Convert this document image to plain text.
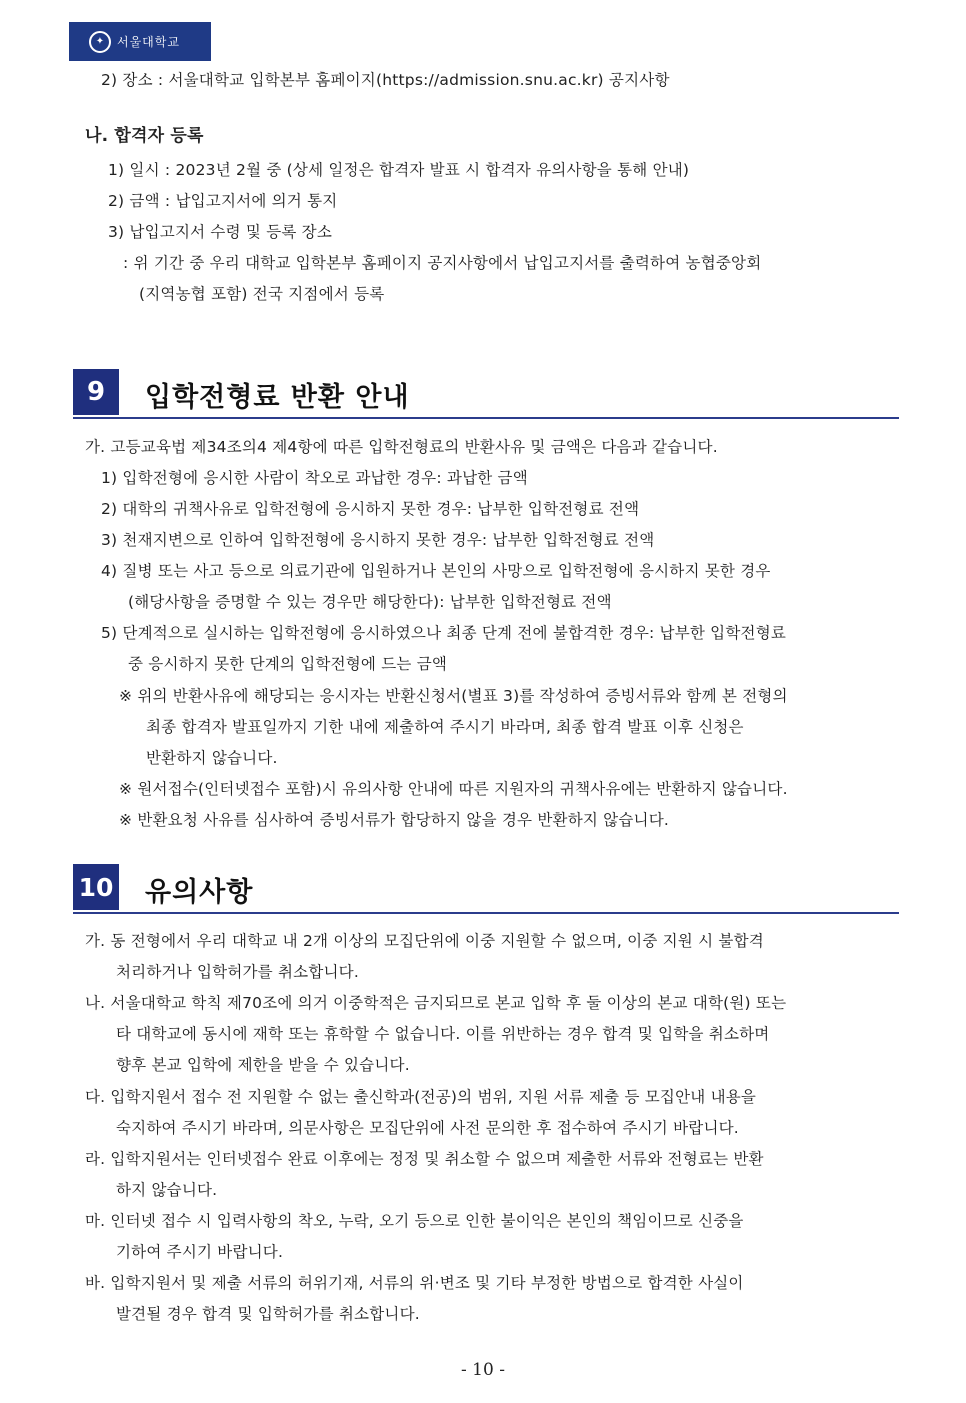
✦	서울대학교
2) 장소 : 서울대학교 입학본부 홈페이지(https://admission.snu.ac.kr) 공지사항
나. 합격자 등록
1) 일시 : 2023년 2월 중 (상세 일정은 합격자 발표 시 합격자 유의사항을 통해 안내)
2) 금액 : 납입고지서에 의거 통지
3) 납입고지서 수령 및 등록 장소
: 위 기간 중 우리 대학교 입학본부 홈페이지 공지사항에서 납입고지서를 출력하여 농협중앙회
(지역농협 포함) 전국 지점에서 등록
9	입학전형료 반환 안내
가. 고등교육법 제34조의4 제4항에 따른 입학전형료의 반환사유 및 금액은 다음과 같습니다.
1) 입학전형에 응시한 사람이 착오로 과납한 경우: 과납한 금액
2) 대학의 귀책사유로 입학전형에 응시하지 못한 경우: 납부한 입학전형료 전액
3) 천재지변으로 인하여 입학전형에 응시하지 못한 경우: 납부한 입학전형료 전액
4) 질병 또는 사고 등으로 의료기관에 입원하거나 본인의 사망으로 입학전형에 응시하지 못한 경우
(해당사항을 증명할 수 있는 경우만 해당한다): 납부한 입학전형료 전액
5) 단계적으로 실시하는 입학전형에 응시하였으나 최종 단계 전에 불합격한 경우: 납부한 입학전형료
중 응시하지 못한 단계의 입학전형에 드는 금액
※ 위의 반환사유에 해당되는 응시자는 반환신청서(별표 3)를 작성하여 증빙서류와 함께 본 전형의
최종 합격자 발표일까지 기한 내에 제출하여 주시기 바라며, 최종 합격 발표 이후 신청은
반환하지 않습니다.
※ 원서접수(인터넷접수 포함)시 유의사항 안내에 따른 지원자의 귀책사유에는 반환하지 않습니다.
※ 반환요청 사유를 심사하여 증빙서류가 합당하지 않을 경우 반환하지 않습니다.
10 유의사항
가. 동 전형에서 우리 대학교 내 2개 이상의 모집단위에 이중 지원할 수 없으며, 이중 지원 시 불합격
처리하거나 입학허가를 취소합니다.
나. 서울대학교 학칙 제70조에 의거 이중학적은 금지되므로 본교 입학 후 둘 이상의 본교 대학(원) 또는
타 대학교에 동시에 재학 또는 휴학할 수 없습니다. 이를 위반하는 경우 합격 및 입학을 취소하며
향후 본교 입학에 제한을 받을 수 있습니다.
다. 입학지원서 접수 전 지원할 수 없는 출신학과(전공)의 범위, 지원 서류 제출 등 모집안내 내용을
숙지하여 주시기 바라며, 의문사항은 모집단위에 사전 문의한 후 접수하여 주시기 바랍니다.
라. 입학지원서는 인터넷접수 완료 이후에는 정정 및 취소할 수 없으며 제출한 서류와 전형료는 반환
하지 않습니다.
마. 인터넷 접수 시 입력사항의 착오, 누락, 오기 등으로 인한 불이익은 본인의 책임이므로 신중을
기하여 주시기 바랍니다.
바. 입학지원서 및 제출 서류의 허위기재, 서류의 위·변조 및 기타 부정한 방법으로 합격한 사실이
발견될 경우 합격 및 입학허가를 취소합니다.
- 10 -
